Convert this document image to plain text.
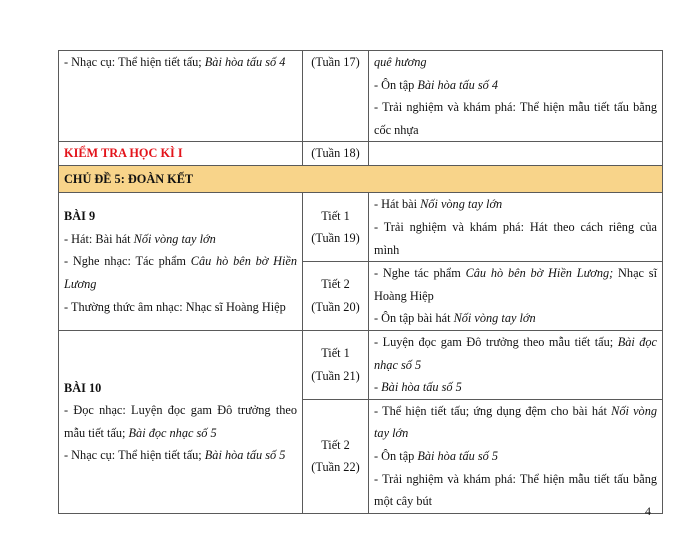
- Nhạc cụ: Thể hiện tiết tấu; Bài hòa tấu số 4	(Tuần 17)	quê hương
- Ôn tập Bài hòa tấu số 4
- Trải nghiệm và khám phá: Thể hiện mẫu tiết tấu bằng cốc nhựa

KIỂM TRA HỌC KÌ I	(Tuần 18)	
CHỦ ĐỀ 5: ĐOÀN KẾT		

BÀI 9
- Hát: Bài hát Nối vòng tay lớn
- Nghe nhạc: Tác phẩm Câu hò bên bờ Hiền Lương
- Thường thức âm nhạc: Nhạc sĩ Hoàng Hiệp	Tiết 1
(Tuần 19)	- Hát bài Nối vòng tay lớn
- Trải nghiệm và khám phá: Hát theo cách riêng của mình

	Tiết 2
(Tuần 20)	- Nghe tác phẩm Câu hò bên bờ Hiền Lương; Nhạc sĩ Hoàng Hiệp
- Ôn tập bài hát Nối vòng tay lớn

BÀI 10
- Đọc nhạc: Luyện đọc gam Đô trưởng theo mẫu tiết tấu; Bài đọc nhạc số 5
- Nhạc cụ: Thể hiện tiết tấu; Bài hòa tấu số 5	Tiết 1
(Tuần 21)	- Luyện đọc gam Đô trưởng theo mẫu tiết tấu; Bài đọc nhạc số 5
- Bài hòa tấu số 5

	Tiết 2
(Tuần 22)	- Thể hiện tiết tấu; ứng dụng đệm cho bài hát Nối vòng tay lớn
- Ôn tập Bài hòa tấu số 5
- Trải nghiệm và khám phá: Thể hiện mẫu tiết tấu bằng một cây bút
4
